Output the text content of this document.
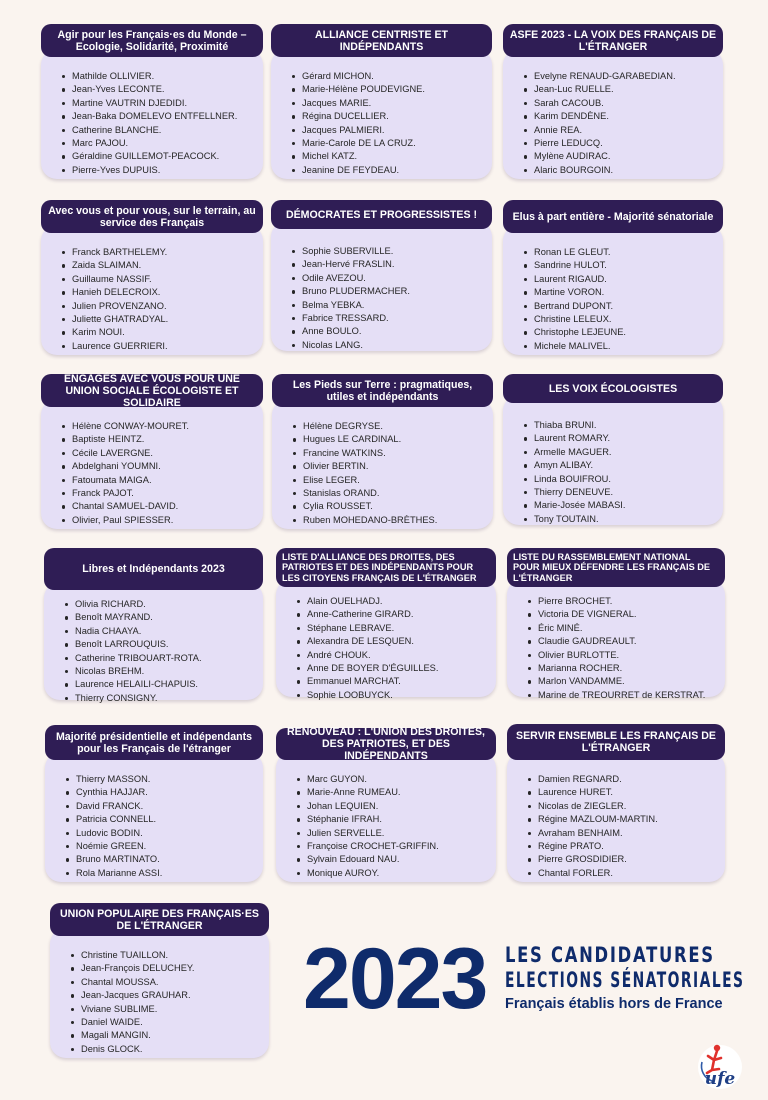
Agir pour les Français·es du Monde – Ecologie, Solidarité, Proximité
Mathilde OLLIVIER.
Jean-Yves LECONTE.
Martine VAUTRIN DJEDIDI.
Jean-Baka DOMELEVO ENTFELLNER.
Catherine BLANCHE.
Marc PAJOU.
Géraldine GUILLEMOT-PEACOCK.
Pierre-Yves DUPUIS.
ALLIANCE CENTRISTE ET INDÉPENDANTS
Gérard MICHON.
Marie-Hélène POUDEVIGNE.
Jacques MARIE.
Régina DUCELLIER.
Jacques PALMIERI.
Marie-Carole DE LA CRUZ.
Michel KATZ.
Jeanine DE FEYDEAU.
ASFE 2023 - LA VOIX DES FRANÇAIS DE L'ÉTRANGER
Evelyne RENAUD-GARABEDIAN.
Jean-Luc RUELLE.
Sarah CACOUB.
Karim DENDÈNE.
Annie REA.
Pierre LEDUCQ.
Mylène AUDIRAC.
Alaric BOURGOIN.
Avec vous et pour vous, sur le terrain, au service des Français
Franck BARTHELEMY.
Zaida SLAIMAN.
Guillaume NASSIF.
Hanieh DELECROIX.
Julien PROVENZANO.
Juliette GHATRADYAL.
Karim NOUI.
Laurence GUERRIERI.
DÉMOCRATES ET PROGRESSISTES !
Sophie SUBERVILLE.
Jean-Hervé FRASLIN.
Odile AVEZOU.
Bruno PLUDERMACHER.
Belma YEBKA.
Fabrice TRESSARD.
Anne BOULO.
Nicolas LANG.
Elus à part entière - Majorité sénatoriale
Ronan LE GLEUT.
Sandrine HULOT.
Laurent RIGAUD.
Martine VORON.
Bertrand DUPONT.
Christine LELEUX.
Christophe LEJEUNE.
Michele MALIVEL.
ENGAGÉS AVEC VOUS POUR UNE UNION SOCIALE ÉCOLOGISTE ET SOLIDAIRE
Hélène CONWAY-MOURET.
Baptiste HEINTZ.
Cécile LAVERGNE.
Abdelghani YOUMNI.
Fatoumata MAIGA.
Franck PAJOT.
Chantal SAMUEL-DAVID.
Olivier, Paul SPIESSER.
Les Pieds sur Terre : pragmatiques, utiles et indépendants
Hélène DEGRYSE.
Hugues LE CARDINAL.
Francine WATKINS.
Olivier BERTIN.
Elise LEGER.
Stanislas ORAND.
Cylia ROUSSET.
Ruben MOHEDANO-BRÈTHES.
LES VOIX ÉCOLOGISTES
Thiaba BRUNI.
Laurent ROMARY.
Armelle MAGUER.
Amyn ALIBAY.
Linda BOUIFROU.
Thierry DENEUVE.
Marie-Josée MABASI.
Tony TOUTAIN.
Libres et Indépendants 2023
Olivia RICHARD.
Benoît MAYRAND.
Nadia CHAAYA.
Benoît LARROUQUIS.
Catherine TRIBOUART-ROTA.
Nicolas BREHM.
Laurence HELAILI-CHAPUIS.
Thierry CONSIGNY.
LISTE D'ALLIANCE DES DROITES, DES PATRIOTES ET DES INDÉPENDANTS POUR LES CITOYENS FRANÇAIS DE L'ÉTRANGER
Alain OUELHADJ.
Anne-Catherine GIRARD.
Stéphane LEBRAVE.
Alexandra DE LESQUEN.
André CHOUK.
Anne DE BOYER D'ÉGUILLES.
Emmanuel MARCHAT.
Sophie LOOBUYCK.
LISTE DU RASSEMBLEMENT NATIONAL POUR MIEUX DÉFENDRE LES FRANÇAIS DE L'ÉTRANGER
Pierre BROCHET.
Victoria DE VIGNERAL.
Éric MINÉ.
Claudie GAUDREAULT.
Olivier BURLOTTE.
Marianna ROCHER.
Marlon VANDAMME.
Marine de TREOURRET de KERSTRAT.
Majorité présidentielle et indépendants pour les Français de l'étranger
Thierry MASSON.
Cynthia HAJJAR.
David FRANCK.
Patricia CONNELL.
Ludovic BODIN.
Noémie GREEN.
Bruno MARTINATO.
Rola Marianne ASSI.
RENOUVEAU : L'UNION DES DROITES, DES PATRIOTES, ET DES INDÉPENDANTS
Marc GUYON.
Marie-Anne RUMEAU.
Johan LEQUIEN.
Stéphanie IFRAH.
Julien SERVELLE.
Françoise CROCHET-GRIFFIN.
Sylvain Edouard NAU.
Monique AUROY.
SERVIR ENSEMBLE LES FRANÇAIS DE L'ÉTRANGER
Damien REGNARD.
Laurence HURET.
Nicolas de ZIEGLER.
Régine MAZLOUM-MARTIN.
Avraham BENHAIM.
Régine PRATO.
Pierre GROSDIDIER.
Chantal FORLER.
UNION POPULAIRE DES FRANÇAIS·ES DE L'ÉTRANGER
Christine TUAILLON.
Jean-François DELUCHEY.
Chantal MOUSSA.
Jean-Jacques GRAUHAR.
Viviane SUBLIME.
Daniel WAIDE.
Magali MANGIN.
Denis GLOCK.
2023 LES CANDIDATURES
ELECTIONS SÉNATORIALES
Français établis hors de France
ufe
